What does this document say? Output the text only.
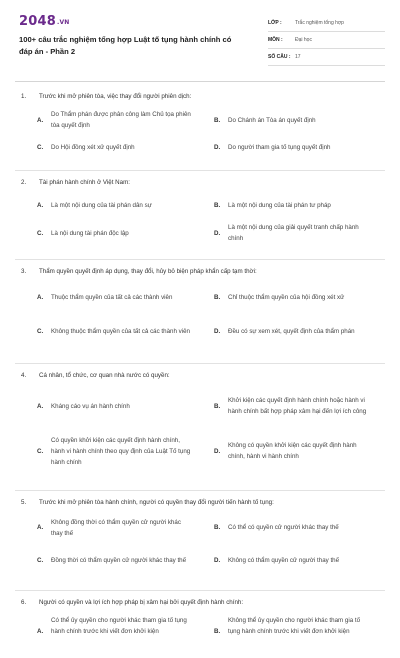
2048.VN
100+ câu trắc nghiệm tổng hợp Luật tố tụng hành chính có đáp án - Phần 2
LỚP :	Trắc nghiệm tổng hợp
MÔN :	Đại học
SỐ CÂU : 17
1.	Trước khi mở phiên tòa, việc thay đổi người phiên dịch:
A.
Do Thẩm phán được phân công làm Chủ tọa phiên tòa quyết định
B.	Do Chánh án Tòa án quyết định
C.	Do Hội đồng xét xử quyết định	D.	Do người tham gia tố tụng quyết định
2.	Tài phán hành chính ở Việt Nam:
A.	Là một nội dung của tài phán dân sự	B.	Là một nội dung của tài phán tư pháp
C.	Là nội dung tài phán độc lập	D.
Là một nội dung của giải quyết tranh chấp hành chính
3.	Thẩm quyền quyết định áp dụng, thay đổi, hủy bỏ biện pháp khẩn cấp tạm thời:
A.	Thuộc thẩm quyền của tất cả các thành viên	B.	Chỉ thuộc thẩm quyền của hội đồng xét xử
C.	Không thuộc thẩm quyền của tất cả các thành viên	D.	Đều có sự xem xét, quyết định của thẩm phán
4.	Cá nhân, tổ chức, cơ quan nhà nước có quyền:
A.	Kháng cáo vụ án hành chính	B.
Khởi kiện các quyết định hành chính hoặc hành vi hành chính bất hợp pháp xâm hại đến lợi ích công
C.
Có quyền khởi kiện các quyết định hành chính, hành vi hành chính theo quy định của Luật Tố tụng hành chính
D.
Không có quyền khởi kiện các quyết định hành chính, hành vi hành chính
5.	Trước khi mở phiên tòa hành chính, người có quyền thay đổi người tiến hành tố tụng:
A.
Không đồng thời có thẩm quyền cử người khác thay thế
B.	Có thể có quyền cử người khác thay thế
C.	Đồng thời có thẩm quyền cử người khác thay thế	D.	Không có thẩm quyền cử người thay thế
6.	Người có quyền và lợi ích hợp pháp bị xâm hại bởi quyết định hành chính:
A.
Có thể ủy quyền cho người khác tham gia tố tụng hành chính trước khi viết đơn khởi kiện	B.
Không thể ủy quyền cho người khác tham gia tố tụng hành chính trước khi viết đơn khởi kiện
